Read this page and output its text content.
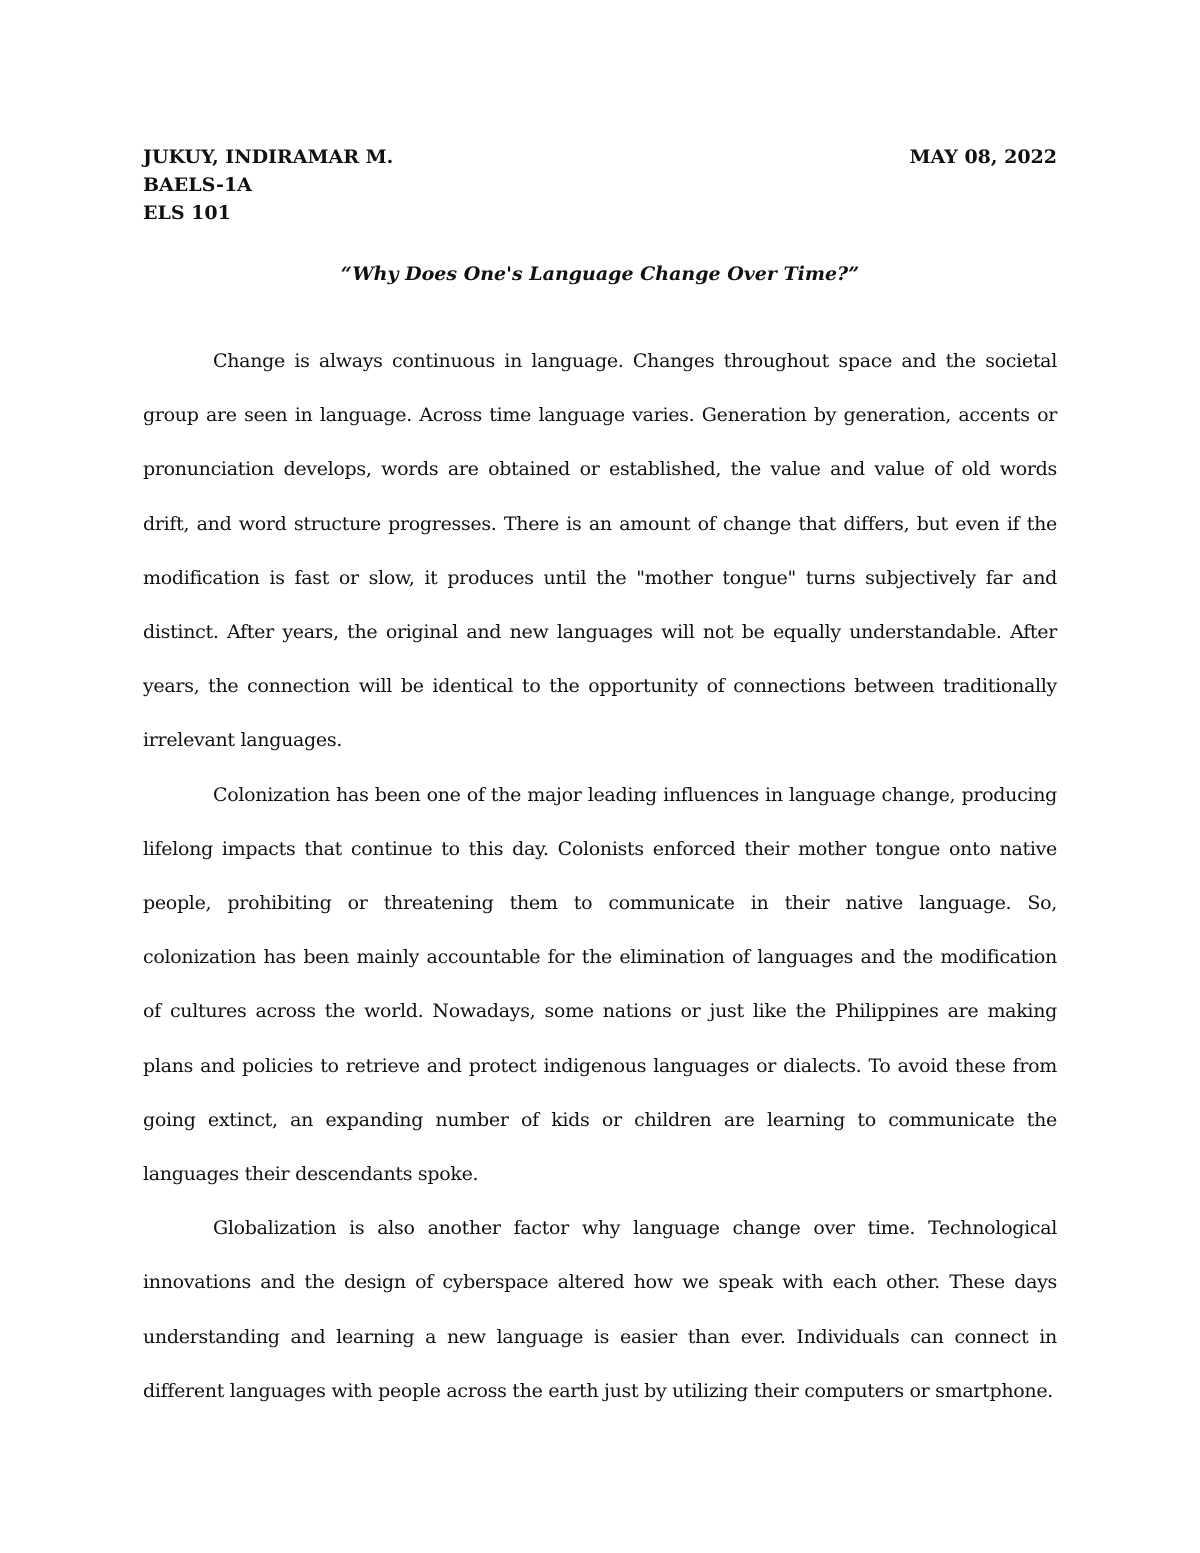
JUKUY, INDIRAMAR M.	MAY 08, 2022
BAELS-1A
ELS 101
“Why Does One's Language Change Over Time?”

Change is always continuous in language. Changes throughout space and the societal group are seen in language. Across time language varies. Generation by generation, accents or pronunciation develops, words are obtained or established, the value and value of old words drift, and word structure progresses. There is an amount of change that differs, but even if the modification is fast or slow, it produces until the "mother tongue" turns subjectively far and distinct. After years, the original and new languages will not be equally understandable. After years, the connection will be identical to the opportunity of connections between traditionally irrelevant languages.

Colonization has been one of the major leading influences in language change, producing lifelong impacts that continue to this day. Colonists enforced their mother tongue onto native people, prohibiting or threatening them to communicate in their native language. So, colonization has been mainly accountable for the elimination of languages and the modification of cultures across the world. Nowadays, some nations or just like the Philippines are making plans and policies to retrieve and protect indigenous languages or dialects. To avoid these from going extinct, an expanding number of kids or children are learning to communicate the languages their descendants spoke.

Globalization is also another factor why language change over time. Technological innovations and the design of cyberspace altered how we speak with each other. These days understanding and learning a new language is easier than ever. Individuals can connect in different languages with people across the earth just by utilizing their computers or smartphone.
